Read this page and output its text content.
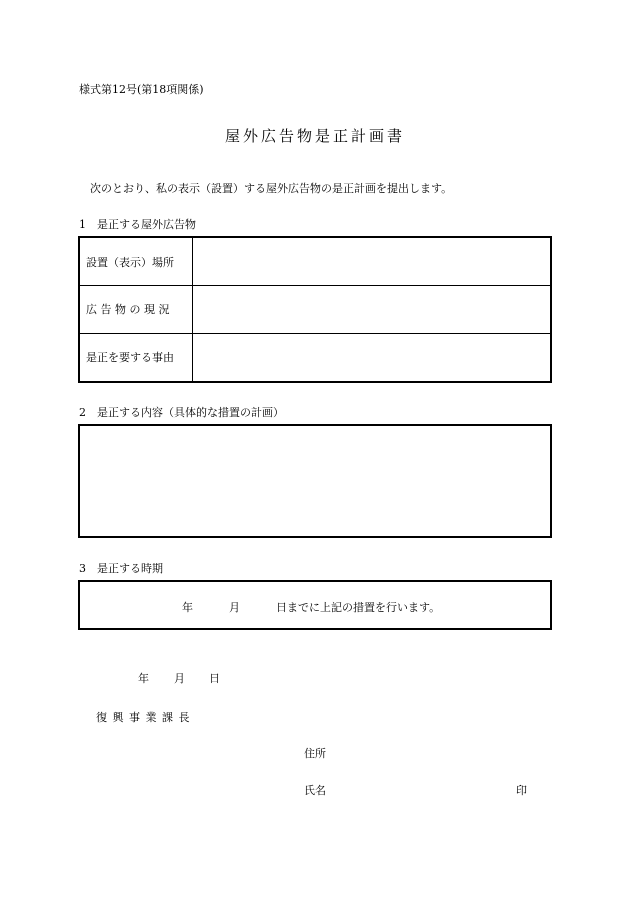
様式第12号(第18項関係)
屋外広告物是正計画書
次のとおり、私の表示（設置）する屋外広告物の是正計画を提出します。
1　是正する屋外広告物
設置（表示）場所	
広 告 物 の 現 況	
是正を要する事由	
2　是正する内容（具体的な措置の計画）
3　是正する時期
年	月	日までに上記の措置を行います。
年 月 日
復 興 事 業 課 長
住所
氏名	印
